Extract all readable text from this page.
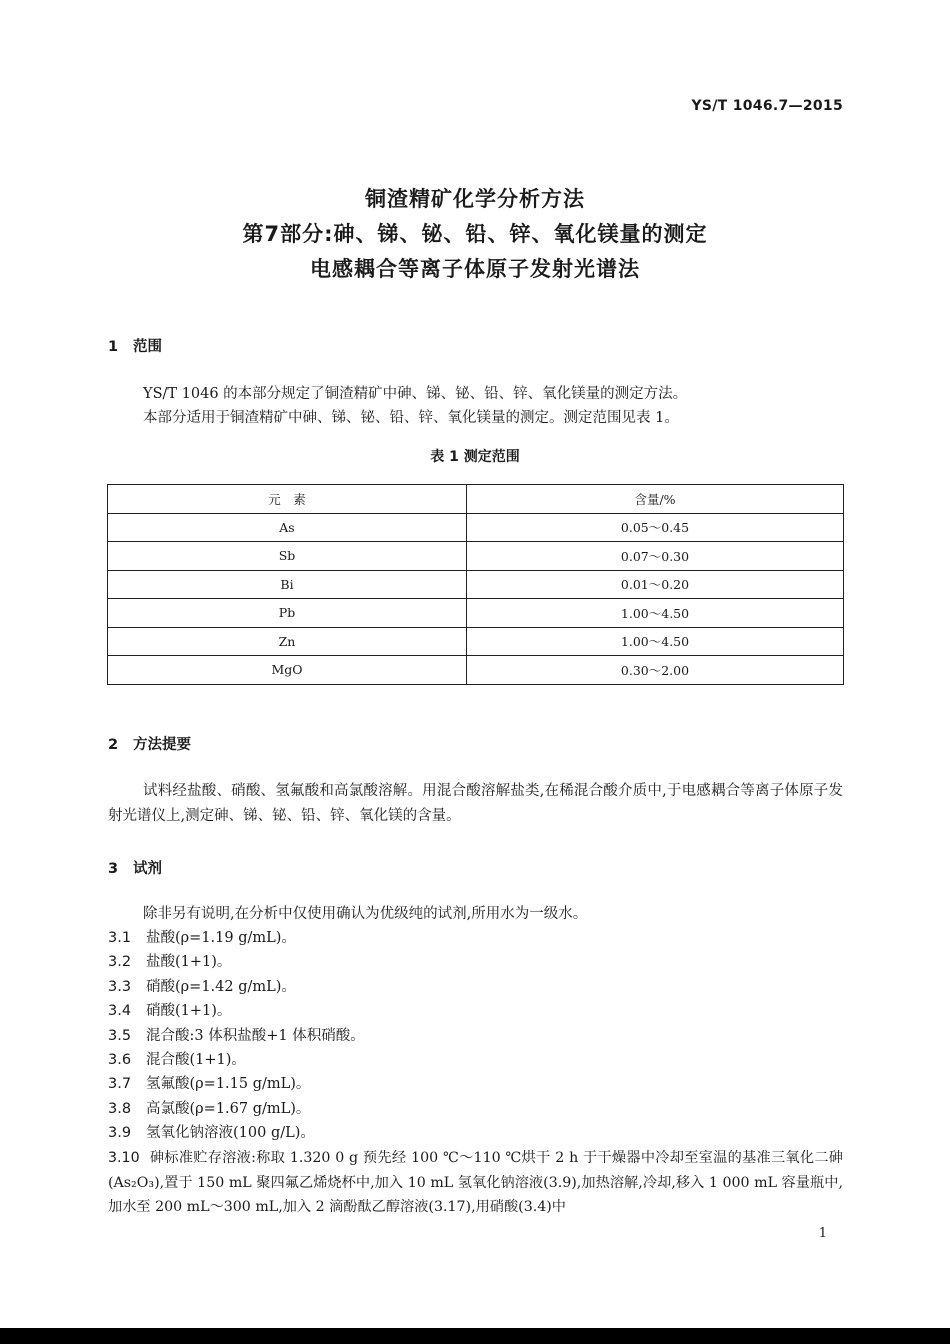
YS/T 1046.7—2015
铜渣精矿化学分析方法
第7部分:砷、锑、铋、铅、锌、氧化镁量的测定
电感耦合等离子体原子发射光谱法
1 范围

YS/T 1046 的本部分规定了铜渣精矿中砷、锑、铋、铅、锌、氧化镁量的测定方法。

本部分适用于铜渣精矿中砷、锑、铋、铅、锌、氧化镁量的测定。测定范围见表 1。

表 1 测定范围
元　素	含量/%
As	0.05～0.45
Sb	0.07～0.30
Bi	0.01～0.20
Pb	1.00～4.50
Zn	1.00～4.50
MgO	0.30～2.00
2 方法提要

试料经盐酸、硝酸、氢氟酸和高氯酸溶解。用混合酸溶解盐类,在稀混合酸介质中,于电感耦合等离子体原子发射光谱仪上,测定砷、锑、铋、铅、锌、氧化镁的含量。

3 试剂

除非另有说明,在分析中仅使用确认为优级纯的试剂,所用水为一级水。

3.1 盐酸(ρ=1.19 g/mL)。
3.2 盐酸(1+1)。
3.3 硝酸(ρ=1.42 g/mL)。
3.4 硝酸(1+1)。
3.5 混合酸:3 体积盐酸+1 体积硝酸。
3.6 混合酸(1+1)。
3.7 氢氟酸(ρ=1.15 g/mL)。
3.8 高氯酸(ρ=1.67 g/mL)。
3.9 氢氧化钠溶液(100 g/L)。

3.10 砷标准贮存溶液:称取 1.320 0 g 预先经 100 ℃～110 ℃烘干 2 h 于干燥器中冷却至室温的基准三氧化二砷(As₂O₃),置于 150 mL 聚四氟乙烯烧杯中,加入 10 mL 氢氧化钠溶液(3.9),加热溶解,冷却,移入 1 000 mL 容量瓶中,加水至 200 mL～300 mL,加入 2 滴酚酞乙醇溶液(3.17),用硝酸(3.4)中

1
